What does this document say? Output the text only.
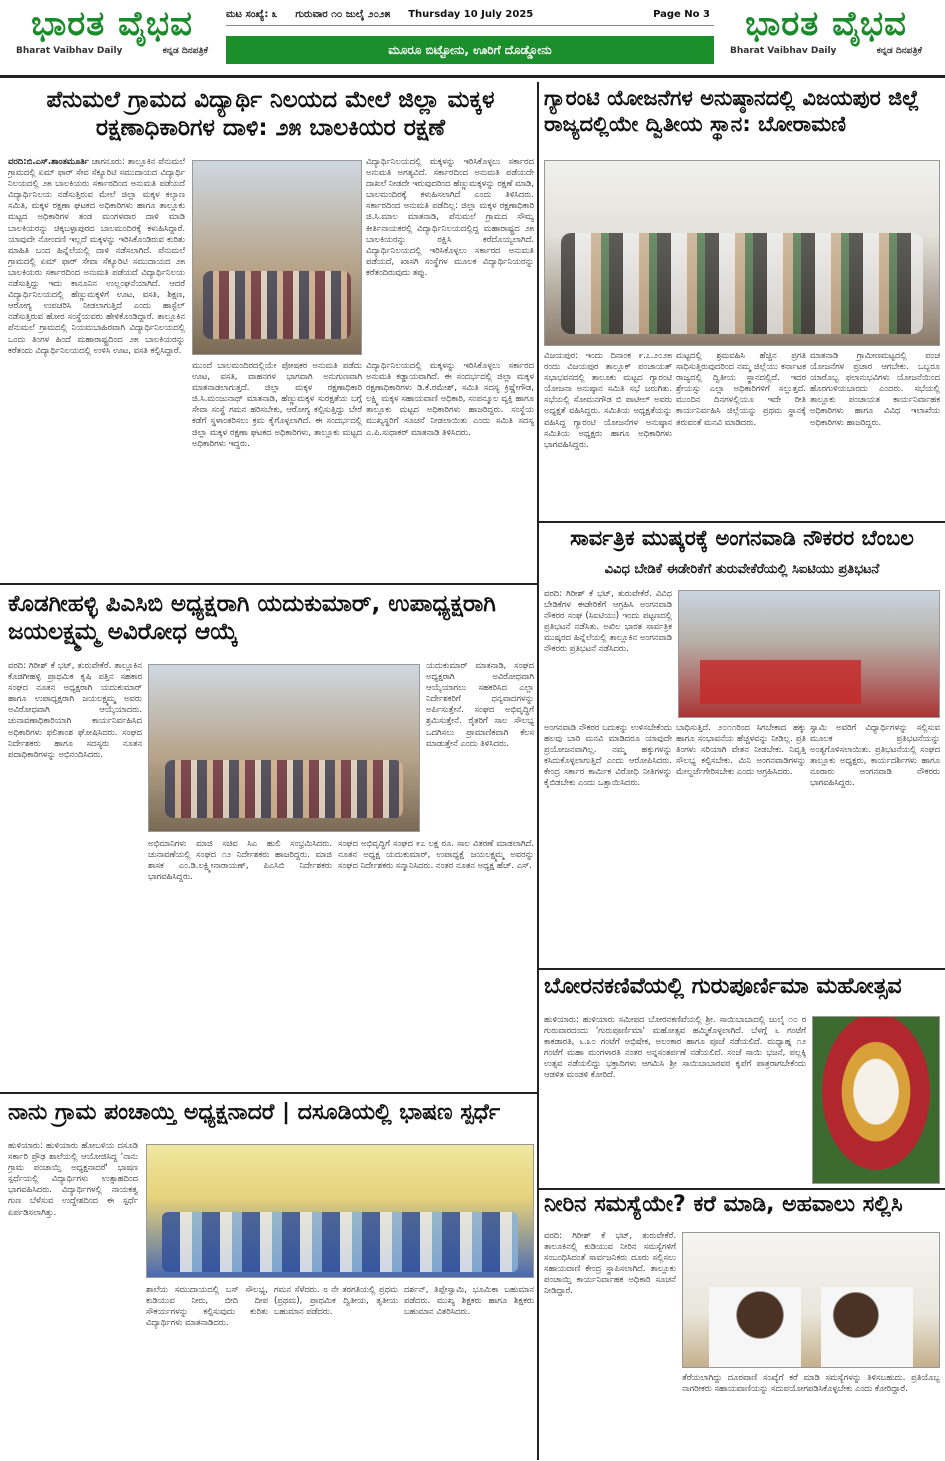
ಭಾರತ ವೈಭವ
Bharat Vaibhav Daily	ಕನ್ನಡ ದಿನಪತ್ರಿಕೆ
ಮಟ ಸಂಖ್ಯೆ: ೩ ಗುರುವಾರ ೧೦ ಜುಲೈ ೨೦೨೫ Thursday 10 July 2025	Page No 3
ಮೂರೂ ಬಿಟ್ಟೋನು, ಊರಿಗೆ ದೊಡ್ಡೋನು
ಭಾರತ ವೈಭವ
Bharat Vaibhav Daily	ಕನ್ನಡ ದಿನಪತ್ರಿಕೆ
ಪೆನುಮಲೆ ಗ್ರಾಮದ ವಿದ್ಯಾರ್ಥಿ ನಿಲಯದ ಮೇಲೆ ಜಿಲ್ಲಾ ಮಕ್ಕಳ ರಕ್ಷಣಾಧಿಕಾರಿಗಳ ದಾಳಿ: ೨೫ ಬಾಲಕಿಯರ ರಕ್ಷಣೆ
ವರದಿ:ಬಿ.ಎಸ್.ಶಾಂತಮೂರ್ತಿ ಚಾಗನೂರು: ತಾಲ್ಲೂಕಿನ ಪೆನುಮಲೆ ಗ್ರಾಮದಲ್ಲಿ ಏಮ್ ಫಾರ್ ಸೇವ ಸೆಕ್ಯೂರಿಟಿ ಸಮುದಾಯದ ವಿದ್ಯಾರ್ಥಿ ನಿಲಯದಲ್ಲಿ ೨೫ ಬಾಲಕಿಯರು ಸರ್ಕಾರದಿಂದ ಅನುಮತಿ ಪಡೆಯದೆ ವಿದ್ಯಾರ್ಥಿನಿಲಯ ನಡೆಸುತ್ತಿರುವ ಮೇಲೆ ಜಿಲ್ಲಾ ಮಕ್ಕಳ ಕಲ್ಯಾಣ ಸಮಿತಿ, ಮಕ್ಕಳ ರಕ್ಷಣಾ ಘಟಕದ ಅಧಿಕಾರಿಗಳು ಹಾಗೂ ತಾಲ್ಲೂಕು ಮಟ್ಟದ ಅಧಿಕಾರಿಗಳ ತಂಡ ಮಂಗಳವಾರ ದಾಳಿ ಮಾಡಿ ಬಾಲಕಿಯರನ್ನು ಚಿಕ್ಕಬಳ್ಳಾಪುರದ ಬಾಲಮಂದಿರಕ್ಕೆ ಕಳುಹಿಸಿದ್ದಾರೆ. ಯಾವುದೇ ನೋಂದಣಿ ಇಲ್ಲದೆ ಮಕ್ಕಳನ್ನು ಇರಿಸಿಕೊಂಡಿರುವ ಕುರಿತು ಮಾಹಿತಿ ಬಂದ ಹಿನ್ನೆಲೆಯಲ್ಲಿ ದಾಳಿ ನಡೆಸಲಾಗಿದೆ. ಪೆನುಮಲೆ ಗ್ರಾಮದಲ್ಲಿ ಏಮ್ ಫಾರ್ ಸೇವಾ ಸೆಕ್ಯೂರಿಟಿ ಸಮುದಾಯದ ೨೫ ಬಾಲಕಿಯರು ಸರ್ಕಾರದಿಂದ ಅನುಮತಿ ಪಡೆಯದೆ ವಿದ್ಯಾರ್ಥಿನಿಲಯ ನಡೆಸುತ್ತಿದ್ದು ಇದು ಕಾನೂನಿನ ಉಲ್ಲಂಘನೆಯಾಗಿದೆ. ಆದರೆ ವಿದ್ಯಾರ್ಥಿನಿಲಯದಲ್ಲಿ ಹೆಣ್ಣುಮಕ್ಕಳಿಗೆ ಊಟ, ವಸತಿ, ಶಿಕ್ಷಣ, ಆರೋಗ್ಯ ಉಪಚರಿಸಿ ನೀಡಲಾಗುತ್ತಿದೆ ಎಂದು ಹಾಸ್ಟೆಲ್ ನಡೆಸುತ್ತಿರುವ ಹೋರ ಸಂಸ್ಥೆಯವರು ಹೇಳಿಕೊಂಡಿದ್ದಾರೆ. ತಾಲ್ಲೂಕಿನ ಪೆನುಮಲೆ ಗ್ರಾಮದಲ್ಲಿ ನಿಯಮಬಾಹಿರವಾಗಿ ವಿದ್ಯಾರ್ಥಿನಿಲಯದಲ್ಲಿ ಒಂದು ತಿಂಗಳ ಹಿಂದೆ ಮಹಾರಾಷ್ಟ್ರದಿಂದ ೨೫ ಬಾಲಕಿಯರನ್ನು ಕರೆತಂದು ವಿದ್ಯಾರ್ಥಿನಿಲಯದಲ್ಲಿ ಉಳಿಸಿ ಊಟ, ವಸತಿ ಕಲ್ಪಿಸಿದ್ದಾರೆ.
ವಿದ್ಯಾರ್ಥಿನಿಲಯದಲ್ಲಿ ಮಕ್ಕಳನ್ನು ಇರಿಸಿಕೊಳ್ಳಲು ಸರ್ಕಾರದ ಅನುಮತಿ ಅಗತ್ಯವಿದೆ. ಸರ್ಕಾರದಿಂದ ಅನುಮತಿ ಪಡೆಯದೇ ದಾಖಲೆ ನೀಡದೇ ಇರುವುದರಿಂದ ಹೆಣ್ಣುಮಕ್ಕಳನ್ನು ರಕ್ಷಣೆ ಮಾಡಿ, ಬಾಲಮಂದಿರಕ್ಕೆ ಕಳುಹಿಸಲಾಗಿದೆ ಎಂದು ತಿಳಿಸಿದರು. ಸರ್ಕಾರದಿಂದ ಅನುಮತಿ ಪಡೆದಿಲ್ಲ: ಜಿಲ್ಲಾ ಮಕ್ಕಳ ರಕ್ಷಣಾಧಿಕಾರಿ ಜಿ.ಸಿ.ಮಾಲ ಮಾತನಾಡಿ, ಪೆನುಮಲೆ ಗ್ರಾಮದ ಸೌಮ್ಯ ಕೀರ್ತಿನಾಯಕರಲ್ಲಿ ವಿದ್ಯಾರ್ಥಿನಿಲಯದಲ್ಲಿದ್ದ ಮಹಾರಾಷ್ಟ್ರದ ೨೫ ಬಾಲಕಿಯರನ್ನು ರಕ್ಷಿಸಿ ಕರೆದೊಯ್ಯಲಾಗಿದೆ. ವಿದ್ಯಾರ್ಥಿನಿಲಯದಲ್ಲಿ ಇರಿಸಿಕೊಳ್ಳಲು ಸರ್ಕಾರದ ಅನುಮತಿ ಪಡೆಯದೆ, ಖಾಸಗಿ ಸಂಸ್ಥೆಗಳ ಮೂಲಕ ವಿದ್ಯಾರ್ಥಿನಿಯರನ್ನು ಕರೆತಂದಿರುವುದು ತಪ್ಪು.
ಮುಂದೆ ಬಾಲಮಂದಿರದಲ್ಲಿಯೇ ಪೋಷಕರ ಅನುಮತಿ ಪಡೆದು ಊಟ, ವಸತಿ, ವಾಹನಗಳ ಭಾಗವಾಗಿ ಅನುಗುಣವಾಗಿ ಮಾತನಾಡಲಾಗುತ್ತದೆ. ಜಿಲ್ಲಾ ಮಕ್ಕಳ ರಕ್ಷಣಾಧಿಕಾರಿ ಜಿ.ಸಿ.ಮಂಜುನಾಥ್ ಮಾತನಾಡಿ, ಹೆಣ್ಣುಮಕ್ಕಳ ಸುರಕ್ಷತೆಯ ಬಗ್ಗೆ ಸೇವಾ ಸಂಸ್ಥೆ ಗಮನ ಹರಿಸಬೇಕು, ಆರೋಗ್ಯ ಕಲ್ಪಿಸುತ್ತಿದ್ದು ಬೇರೆ ಕಡೆಗೆ ಸ್ಥಳಾಂತರಿಸಲು ಕ್ರಮ ಕೈಗೊಳ್ಳಲಾಗಿದೆ. ಈ ಸಂದರ್ಭದಲ್ಲಿ ಜಿಲ್ಲಾ ಮಕ್ಕಳ ರಕ್ಷಣಾ ಘಟಕದ ಅಧಿಕಾರಿಗಳು, ತಾಲ್ಲೂಕು ಮಟ್ಟದ ಅಧಿಕಾರಿಗಳು ಇದ್ದರು.
ವಿದ್ಯಾರ್ಥಿನಿಲಯದಲ್ಲಿ ಮಕ್ಕಳನ್ನು ಇರಿಸಿಕೊಳ್ಳಲು ಸರ್ಕಾರದ ಅನುಮತಿ ಕಡ್ಡಾಯವಾಗಿದೆ. ಈ ಸಂದರ್ಭದಲ್ಲಿ ಜಿಲ್ಲಾ ಮಕ್ಕಳ ರಕ್ಷಣಾಧಿಕಾರಿಗಳು ಡಿ.ಕೆ.ರಮೇಶ್, ಸಮಿತಿ ಸದಸ್ಯ ಕ್ರಿಷ್ಣೇಗೌಡ, ಲಕ್ಷ್ಮಿ ಮಕ್ಕಳ ಸಹಾಯವಾಣಿ ಅಧಿಕಾರಿ, ಸಂಪನ್ಮೂಲ ವ್ಯಕ್ತಿ ಹಾಗೂ ತಾಲ್ಲೂಕು ಮಟ್ಟದ ಅಧಿಕಾರಿಗಳು ಹಾಜರಿದ್ದರು. ಸಂಸ್ಥೆಯ ಮುಖ್ಯಸ್ಥರಿಗೆ ಸೂಚನೆ ನೀಡಲಾಯಿತು ಎಂದು ಸಮಿತಿ ಸದಸ್ಯ ಎ.ಪಿ.ಸುಧಾಕರ್ ಮಾತನಾಡಿ ತಿಳಿಸಿದರು.
ಗ್ಯಾರಂಟಿ ಯೋಜನೆಗಳ ಅನುಷ್ಠಾನದಲ್ಲಿ ವಿಜಯಪುರ ಜಿಲ್ಲೆ ರಾಜ್ಯದಲ್ಲಿಯೇ ದ್ವಿತೀಯ ಸ್ಥಾನ: ಬೋರಾಮಣಿ
ವಿಜಯಪುರ: ಇಂದು ದಿನಾಂಕ ೯.೭.೨೦೨೫ ರಂದು ವಿಜಯಪುರ ತಾಲ್ಲೂಕ್ ಪಂಚಾಯತ್ ಸಭಾಭವನದಲ್ಲಿ ತಾಲೂಕು ಮಟ್ಟದ ಗ್ಯಾರಂಟಿ ಯೋಜನಾ ಅನುಷ್ಠಾನ ಸಮಿತಿ ಸಭೆ ಜರುಗಿತು. ಸಭೆಯಲ್ಲಿ ಸೋಮನಗೌಡ ಬಿ ಪಾಟೀಲ್ ಅವರು ಅಧ್ಯಕ್ಷತೆ ವಹಿಸಿದ್ದರು. ಸಮಿತಿಯ ಅಧ್ಯಕ್ಷತೆಯನ್ನು ವಹಿಸಿದ್ದ ಗ್ಯಾರಂಟಿ ಯೋಜನೆಗಳ ಅನುಷ್ಠಾನ ಸಮಿತಿಯ ಅಧ್ಯಕ್ಷರು ಹಾಗೂ ಅಧಿಕಾರಿಗಳು ಭಾಗವಹಿಸಿದ್ದರು.
ಮಟ್ಟದಲ್ಲಿ ಶ್ರಮವಹಿಸಿ ಹೆಚ್ಚಿನ ಪ್ರಗತಿ ಸಾಧಿಸುತ್ತಿರುವುದರಿಂದ ನಮ್ಮ ಜಿಲ್ಲೆಯು ಕರ್ನಾಟಕ ರಾಜ್ಯದಲ್ಲಿ ದ್ವಿತೀಯ ಸ್ಥಾನದಲ್ಲಿದೆ. ಇದರ ಶ್ರೇಯಸ್ಸು ಎಲ್ಲಾ ಅಧಿಕಾರಿಗಳಿಗೆ ಸಲ್ಲುತ್ತದೆ. ಮುಂದಿನ ದಿನಗಳಲ್ಲಿಯೂ ಇದೇ ರೀತಿ ಕಾರ್ಯನಿರ್ವಹಿಸಿ ಜಿಲ್ಲೆಯನ್ನು ಪ್ರಥಮ ಸ್ಥಾನಕ್ಕೆ ತರುವಂತೆ ಮನವಿ ಮಾಡಿದರು.
ಮಾತನಾಡಿ ಗ್ರಾಮೀಣಮಟ್ಟದಲ್ಲಿ ಪಂಚ ಯೋಜನೆಗಳ ಪ್ರಚಾರ ಆಗಬೇಕು. ಒಬ್ಬರೂ ಯಾರೊಬ್ಬ ಫಲಾನುಭವಿಗಳು ಯೋಜನೆಯಿಂದ ಹೊರಗುಳಿಯಬಾರದು ಎಂದರು. ಸಭೆಯಲ್ಲಿ ತಾಲ್ಲೂಕು ಪಂಚಾಯತ ಕಾರ್ಯನಿರ್ವಾಹಕ ಅಧಿಕಾರಿಗಳು ಹಾಗೂ ವಿವಿಧ ಇಲಾಖೆಯ ಅಧಿಕಾರಿಗಳು ಹಾಜರಿದ್ದರು.
ಸಾರ್ವತ್ರಿಕ ಮುಷ್ಕರಕ್ಕೆ ಅಂಗನವಾಡಿ ನೌಕರರ ಬೆಂಬಲ
ವಿವಿಧ ಬೇಡಿಕೆ ಈಡೇರಿಕೆಗೆ ತುರುವೇಕೆರೆಯಲ್ಲಿ ಸಿಐಟಿಯು ಪ್ರತಿಭಟನೆ
ವರದಿ: ಗಿರೀಶ್ ಕೆ ಭಟ್, ತುರುವೇಕೆರೆ. ವಿವಿಧ ಬೇಡಿಕೆಗಳ ಈಡೇರಿಕೆಗೆ ಆಗ್ರಹಿಸಿ ಅಂಗನವಾಡಿ ನೌಕರರ ಸಂಘ (ಸಿಐಟಿಯು) ಇಂದು ಪಟ್ಟಣದಲ್ಲಿ ಪ್ರತಿಭಟನೆ ನಡೆಸಿತು. ಅಖಿಲ ಭಾರತ ಸಾರ್ವತ್ರಿಕ ಮುಷ್ಕರದ ಹಿನ್ನೆಲೆಯಲ್ಲಿ ತಾಲ್ಲೂಕಿನ ಅಂಗನವಾಡಿ ನೌಕರರು ಪ್ರತಿಭಟನೆ ನಡೆಸಿದರು.
ಅಂಗನವಾಡಿ ನೌಕರರ ಬದುಕನ್ನು ಉಳಿಸಬೇಕೆಂದು ಹಲವು ಬಾರಿ ಮನವಿ ಮಾಡಿದರೂ ಯಾವುದೇ ಪ್ರಯೋಜನವಾಗಿಲ್ಲ. ನಮ್ಮ ಹಕ್ಕುಗಳನ್ನು ಕಸಿದುಕೊಳ್ಳಲಾಗುತ್ತಿದೆ ಎಂದು ಆರೋಪಿಸಿದರು. ಕೇಂದ್ರ ಸರ್ಕಾರ ಕಾರ್ಮಿಕ ವಿರೋಧಿ ನೀತಿಗಳನ್ನು ಕೈಬಿಡಬೇಕು ಎಂದು ಒತ್ತಾಯಿಸಿದರು.
ಬಾಧಿಸುತ್ತಿದೆ. ೨೦೧೧ರಿಂದ ಸಿಗಬೇಕಾದ ಹಕ್ಕು ಹಾಗೂ ಸಂಭಾವನೆಯ ಹೆಚ್ಚಳವನ್ನು ನೀಡಿಲ್ಲ. ಪ್ರತಿ ತಿಂಗಳು ಸರಿಯಾಗಿ ವೇತನ ನೀಡಬೇಕು. ನಿವೃತ್ತಿ ಸೌಲಭ್ಯ ಕಲ್ಪಿಸಬೇಕು. ಮಿನಿ ಅಂಗನವಾಡಿಗಳನ್ನು ಮೇಲ್ದರ್ಜೆಗೇರಿಸಬೇಕು ಎಂದು ಆಗ್ರಹಿಸಿದರು.
ಸ್ವಾಮಿ ಅವರಿಗೆ ವಿಧ್ಯಾರ್ಥಿಗಳನ್ನು ಸಲ್ಲಿಸುವ ಮೂಲಕ ಪ್ರತಿಭಟನೆಯನ್ನು ಅಂತ್ಯಗೊಳಿಸಲಾಯಿತು. ಪ್ರತಿಭಟನೆಯಲ್ಲಿ ಸಂಘದ ತಾಲ್ಲೂಕು ಅಧ್ಯಕ್ಷರು, ಕಾರ್ಯದರ್ಶಿಗಳು ಹಾಗೂ ನೂರಾರು ಅಂಗನವಾಡಿ ನೌಕರರು ಭಾಗವಹಿಸಿದ್ದರು.
ಕೊಡಗೀಹಳ್ಳಿ ಪಿಎಸಿಬಿ ಅಧ್ಯಕ್ಷರಾಗಿ ಯದುಕುಮಾರ್, ಉಪಾಧ್ಯಕ್ಷರಾಗಿ ಜಯಲಕ್ಷ್ಮಮ್ಮ ಅವಿರೋಧ ಆಯ್ಕೆ
ವರದಿ: ಗಿರೀಶ್ ಕೆ ಭಟ್, ತುರುವೇಕೆರೆ. ತಾಲ್ಲೂಕಿನ ಕೊಡಗೀಹಳ್ಳಿ ಪ್ರಾಥಮಿಕ ಕೃಷಿ ಪತ್ತಿನ ಸಹಕಾರ ಸಂಘದ ನೂತನ ಅಧ್ಯಕ್ಷರಾಗಿ ಯದುಕುಮಾರ್ ಹಾಗೂ ಉಪಾಧ್ಯಕ್ಷರಾಗಿ ಜಯಲಕ್ಷ್ಮಮ್ಮ ಅವರು ಅವಿರೋಧವಾಗಿ ಆಯ್ಕೆಯಾದರು. ಚುನಾವಣಾಧಿಕಾರಿಯಾಗಿ ಕಾರ್ಯನಿರ್ವಹಿಸಿದ ಅಧಿಕಾರಿಗಳು ಫಲಿತಾಂಶ ಘೋಷಿಸಿದರು. ಸಂಘದ ನಿರ್ದೇಶಕರು ಹಾಗೂ ಸದಸ್ಯರು ನೂತನ ಪದಾಧಿಕಾರಿಗಳನ್ನು ಅಭಿನಂದಿಸಿದರು.
ಯದುಕುಮಾರ್ ಮಾತನಾಡಿ, ಸಂಘದ ಅಧ್ಯಕ್ಷರಾಗಿ ಅವಿರೋಧವಾಗಿ ಆಯ್ಕೆಯಾಗಲು ಸಹಕರಿಸಿದ ಎಲ್ಲಾ ನಿರ್ದೇಶಕರಿಗೆ ಧನ್ಯವಾದಗಳನ್ನು ಅರ್ಪಿಸುತ್ತೇನೆ. ಸಂಘದ ಅಭಿವೃದ್ಧಿಗೆ ಶ್ರಮಿಸುತ್ತೇನೆ. ರೈತರಿಗೆ ಸಾಲ ಸೌಲಭ್ಯ ಒದಗಿಸಲು ಪ್ರಾಮಾಣಿಕವಾಗಿ ಕೆಲಸ ಮಾಡುತ್ತೇನೆ ಎಂದು ತಿಳಿಸಿದರು.
ಅಭಿಮಾನಿಗಳು ಮಾಜಿ ಸಚಿವ ಸಿಎ ಹುಲಿ ಸಂಭ್ರಮಿಸಿದರು. ಚುನಾವಣೆಯಲ್ಲಿ ಸಂಘದ ೧೨ ನಿರ್ದೇಶಕರು ಹಾಜರಿದ್ದರು. ಮಾಜಿ ಶಾಸಕ ಎಂ.ಡಿ.ಲಕ್ಷ್ಮೀನಾರಾಯಣ್, ಪಿಎಸಿಬಿ ನಿರ್ದೇಶಕರು ಭಾಗವಹಿಸಿದ್ದರು.
ಸಂಘದ ಅಭಿವೃದ್ಧಿಗೆ ಸಂಘದ ೯೭ ಲಕ್ಷ ರೂ. ಸಾಲ ವಿತರಣೆ ಮಾಡಲಾಗಿದೆ. ನೂತನ ಅಧ್ಯಕ್ಷ ಯದುಕುಮಾರ್, ಉಪಾಧ್ಯಕ್ಷೆ ಜಯಲಕ್ಷ್ಮಮ್ಮ ಅವರನ್ನು ಸಂಘದ ನಿರ್ದೇಶಕರು ಸನ್ಮಾನಿಸಿದರು. ನಂತರ ನೂತನ ಅಧ್ಯಕ್ಷ ಹೆಚ್. ಎಸ್.
ನಾನು ಗ್ರಾಮ ಪಂಚಾಯ್ತಿ ಅಧ್ಯಕ್ಷನಾದರೆ | ದಸೂಡಿಯಲ್ಲಿ ಭಾಷಣ ಸ್ಪರ್ಧೆ
ಹುಳಿಯಾರು: ಹುಳಿಯಾರು ಹೋಬಳಿಯ ದಸೂಡಿ ಸರ್ಕಾರಿ ಪ್ರೌಢ ಶಾಲೆಯಲ್ಲಿ ಆಯೋಜಿಸಿದ್ದ 'ನಾನು ಗ್ರಾಮ ಪಂಚಾಯ್ತಿ ಅಧ್ಯಕ್ಷನಾದರೆ' ಭಾಷಣ ಸ್ಪರ್ಧೆಯಲ್ಲಿ ವಿದ್ಯಾರ್ಥಿಗಳು ಉತ್ಸಾಹದಿಂದ ಭಾಗವಹಿಸಿದರು. ವಿದ್ಯಾರ್ಥಿಗಳಲ್ಲಿ ನಾಯಕತ್ವ ಗುಣ ಬೆಳೆಸುವ ಉದ್ದೇಶದಿಂದ ಈ ಸ್ಪರ್ಧೆ ಏರ್ಪಡಿಸಲಾಗಿತ್ತು.
ಶಾಲೆಯ ಸಮುದಾಯದಲ್ಲಿ ಬಸ್ ಸೌಲಭ್ಯ, ಕುಡಿಯುವ ನೀರು, ಬೀದಿ ದೀಪ ಸೌಕರ್ಯಗಳನ್ನು ಕಲ್ಪಿಸುವುದು ಕುರಿತು ವಿದ್ಯಾರ್ಥಿಗಳು ಮಾತನಾಡಿದರು.
ಗಮನ ಸೆಳೆದರು. ೮ ನೇ ತರಗತಿಯಲ್ಲಿ ಪ್ರಥಮ (ಪ್ರಥಮ), ಪ್ರಾಥಮಿಕ ದ್ವಿತೀಯ, ತೃತೀಯ ಬಹುಮಾನ ಪಡೆದರು.
ದರ್ಶನ್, ತಿಪ್ಪೇಸ್ವಾಮಿ, ಭೂಮಿಕಾ ಬಹುಮಾನ ಪಡೆದರು. ಮುಖ್ಯ ಶಿಕ್ಷಕರು ಹಾಗೂ ಶಿಕ್ಷಕರು ಬಹುಮಾನ ವಿತರಿಸಿದರು.
ಬೋರನಕಣಿವೆಯಲ್ಲಿ ಗುರುಪೂರ್ಣಿಮಾ ಮಹೋತ್ಸವ
ಹುಳಿಯಾರು: ಹುಳಿಯಾರು ಸಮೀಪದ ಬೋರನಕಣಿವೆಯಲ್ಲಿ ಶ್ರೀ. ಸಾಯಿಬಾಬಾದಲ್ಲಿ ಜುಲೈ ೧೦ ರ ಗುರುವಾರದಂದು 'ಗುರುಪೂರ್ಣಿಮಾ' ಮಹೋತ್ಸವ ಹಮ್ಮಿಕೊಳ್ಳಲಾಗಿದೆ. ಬೆಳಗ್ಗೆ ೬ ಗಂಟೆಗೆ ಕಾಕಡಾರತಿ, ೬.೩೦ ಗಂಟೆಗೆ ಅಭಿಷೇಕ, ಅಲಂಕಾರ ಹಾಗೂ ಪೂಜೆ ನಡೆಯಲಿದೆ. ಮಧ್ಯಾಹ್ನ ೧೨ ಗಂಟೆಗೆ ಮಹಾ ಮಂಗಳಾರತಿ ನಂತರ ಅನ್ನಸಂತರ್ಪಣೆ ನಡೆಯಲಿದೆ. ಸಂಜೆ ಸಾಯಿ ಭಜನೆ, ಪಲ್ಲಕ್ಕಿ ಉತ್ಸವ ನಡೆಯಲಿದ್ದು ಭಕ್ತಾದಿಗಳು ಆಗಮಿಸಿ ಶ್ರೀ ಸಾಯಿಬಾಬಾರವರ ಕೃಪೆಗೆ ಪಾತ್ರರಾಗಬೇಕೆಂದು ಆಡಳಿತ ಮಂಡಳಿ ಕೋರಿದೆ.
ನೀರಿನ ಸಮಸ್ಯೆಯೇ? ಕರೆ ಮಾಡಿ, ಅಹವಾಲು ಸಲ್ಲಿಸಿ
ವರದಿ: ಗಿರೀಶ್ ಕೆ ಭಟ್, ತುರುವೇಕೆರೆ. ತಾಲೂಕಿನಲ್ಲಿ ಕುಡಿಯುವ ನೀರಿನ ಸಮಸ್ಯೆಗಳಿಗೆ ಸಂಬಂಧಿಸಿದಂತೆ ಸಾರ್ವಜನಿಕರು ದೂರು ಸಲ್ಲಿಸಲು ಸಹಾಯವಾಣಿ ಕೇಂದ್ರ ಸ್ಥಾಪಿಸಲಾಗಿದೆ. ತಾಲ್ಲೂಕು ಪಂಚಾಯ್ತಿ ಕಾರ್ಯನಿರ್ವಾಹಕ ಅಧಿಕಾರಿ ಸೂಚನೆ ನೀಡಿದ್ದಾರೆ.
ತೆರೆಯಲಾಗಿದ್ದು ದೂರವಾಣಿ ಸಂಖ್ಯೆಗೆ ಕರೆ ಮಾಡಿ ಸಮಸ್ಯೆಗಳನ್ನು ತಿಳಿಸಬಹುದು. ಪ್ರತಿಯೊಬ್ಬ ನಾಗರೀಕರು ಸಹಾಯವಾಣಿಯನ್ನು ಸದುಪಯೋಗಪಡಿಸಿಕೊಳ್ಳಬೇಕು ಎಂದು ಕೋರಿದ್ದಾರೆ.
